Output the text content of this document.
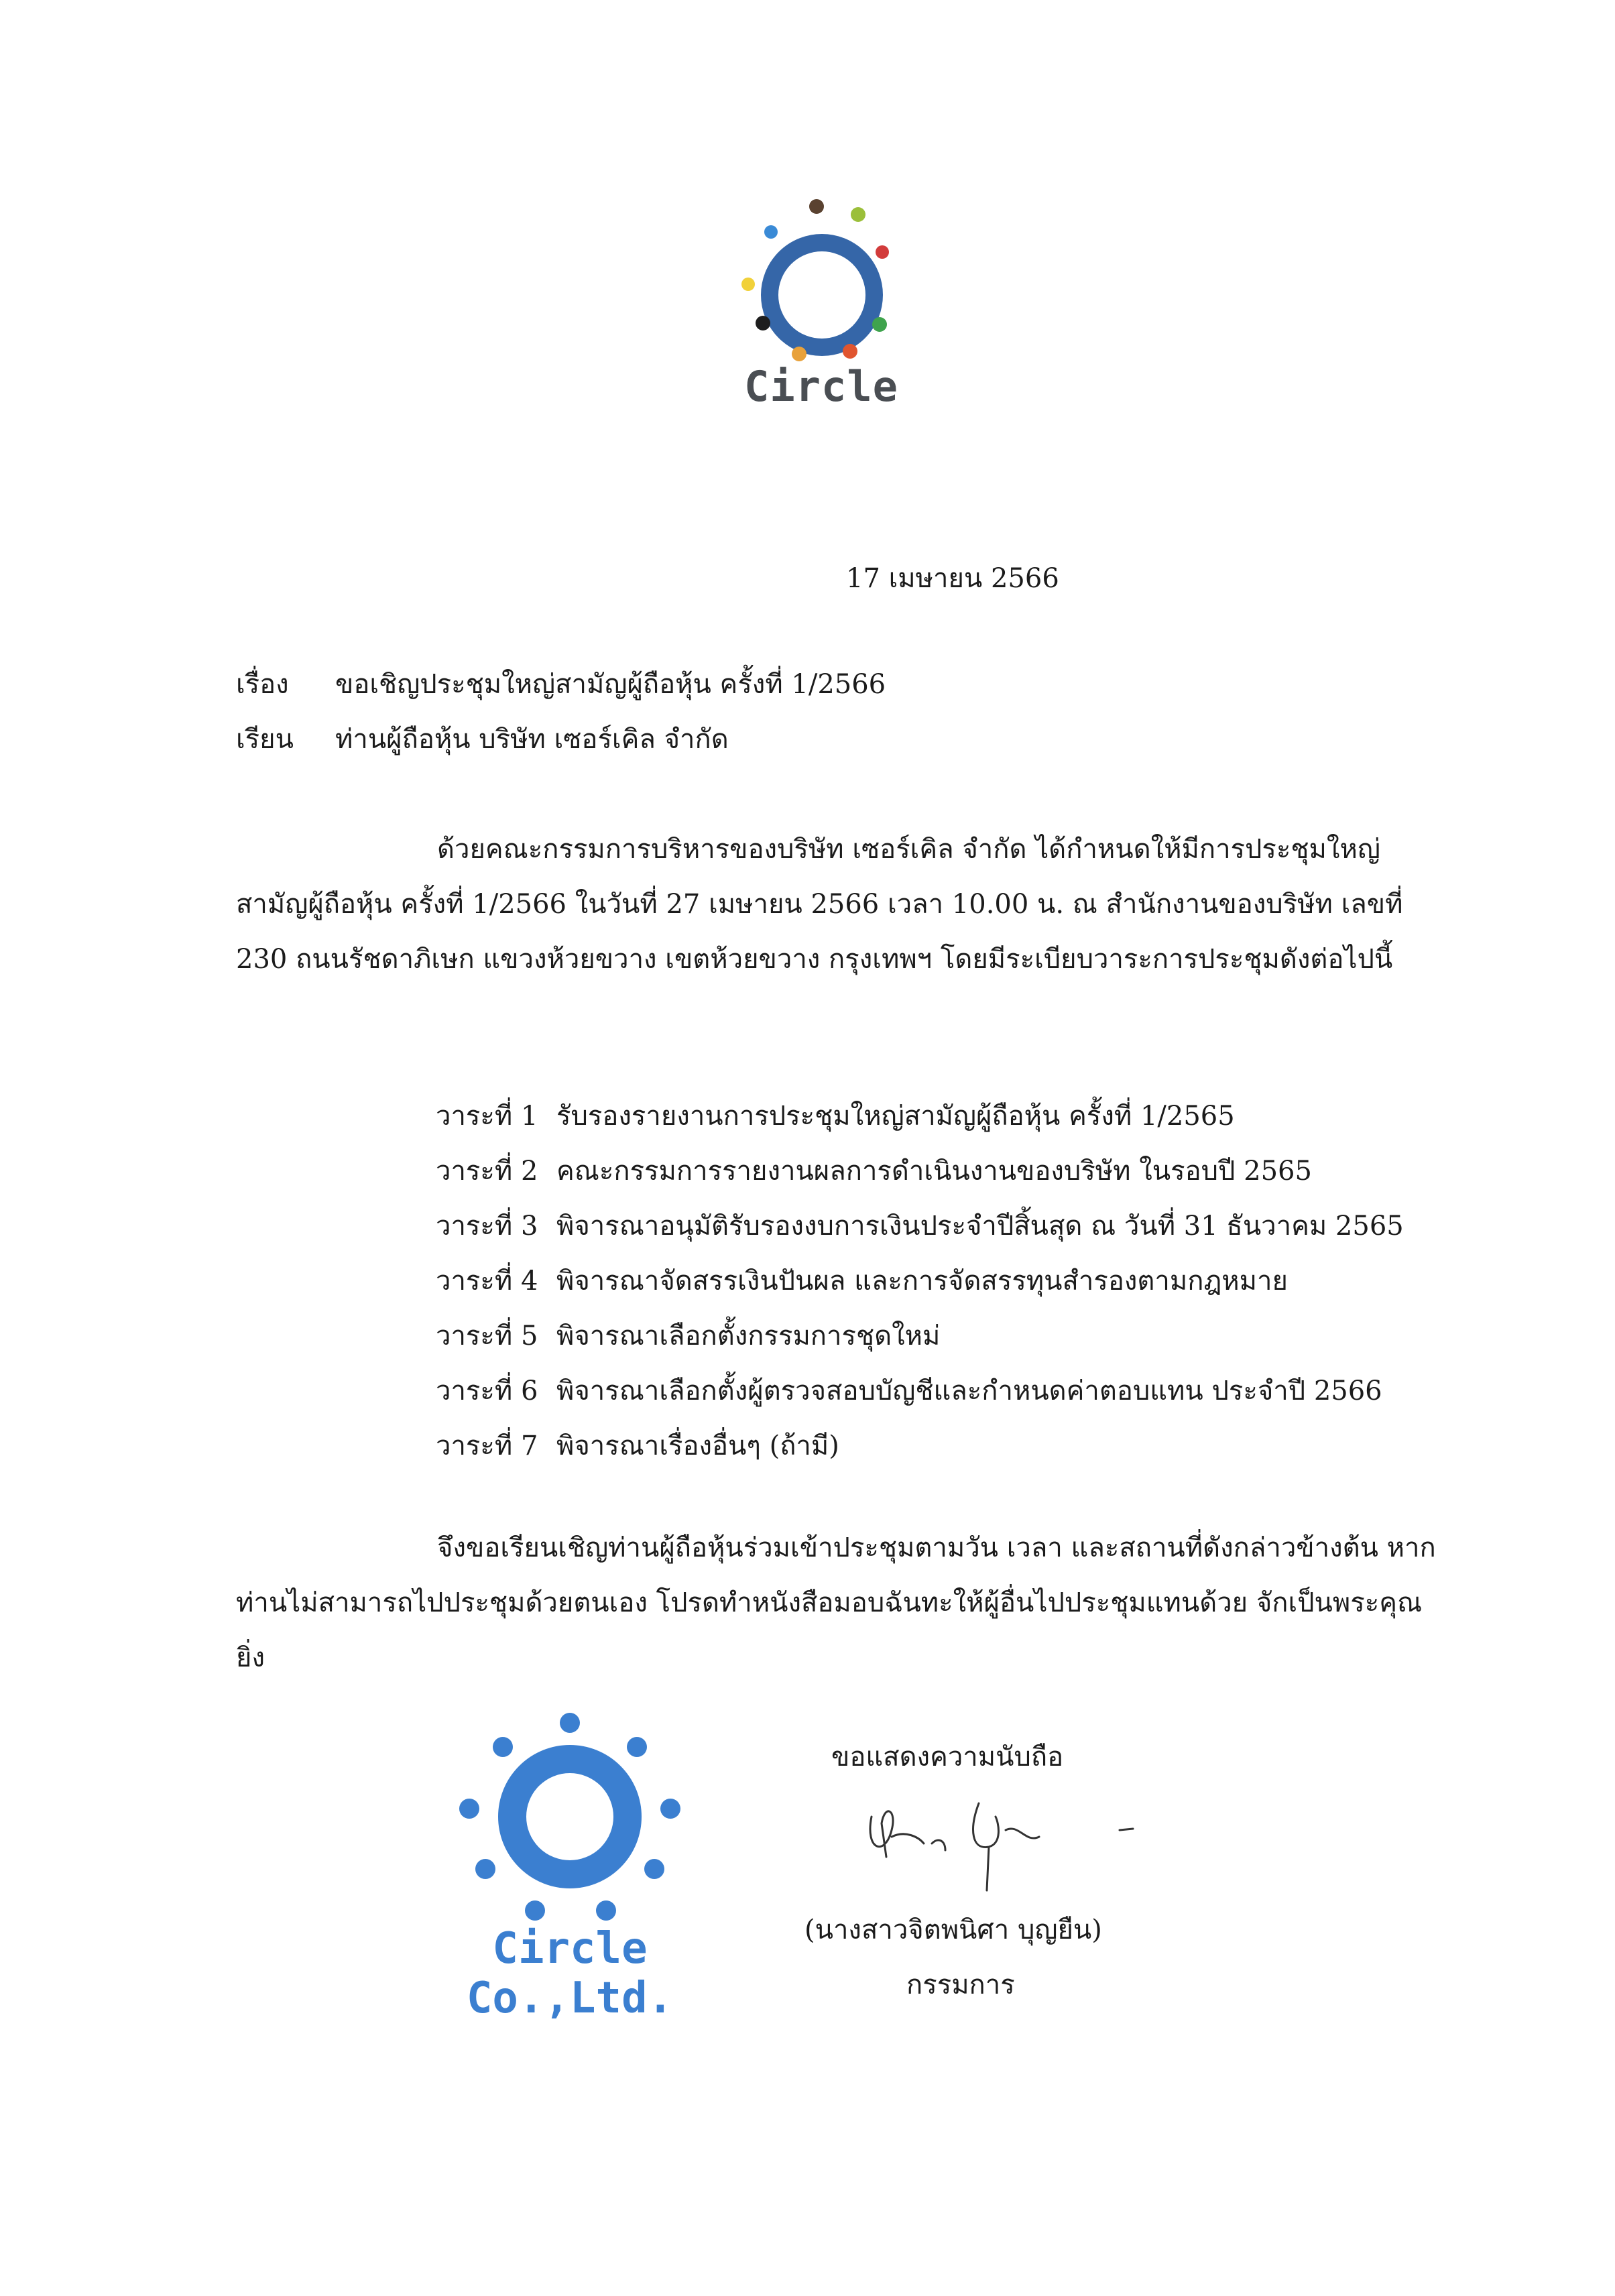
Circle
17 เมษายน 2566
เรื่อง	ขอเชิญประชุมใหญ่สามัญผู้ถือหุ้น ครั้งที่ 1/2566
เรียน	ท่านผู้ถือหุ้น บริษัท เซอร์เคิล จำกัด
ด้วยคณะกรรมการบริหารของบริษัท เซอร์เคิล จำกัด ได้กำหนดให้มีการประชุมใหญ่สามัญผู้ถือหุ้น ครั้งที่ 1/2566 ในวันที่ 27 เมษายน 2566 เวลา 10.00 น. ณ สำนักงานของบริษัท เลขที่ 230 ถนนรัชดาภิเษก แขวงห้วยขวาง เขตห้วยขวาง กรุงเทพฯ โดยมีระเบียบวาระการประชุมดังต่อไปนี้
วาระที่ 1 รับรองรายงานการประชุมใหญ่สามัญผู้ถือหุ้น ครั้งที่ 1/2565
วาระที่ 2 คณะกรรมการรายงานผลการดำเนินงานของบริษัท ในรอบปี 2565
วาระที่ 3 พิจารณาอนุมัติรับรองงบการเงินประจำปีสิ้นสุด ณ วันที่ 31 ธันวาคม 2565
วาระที่ 4 พิจารณาจัดสรรเงินปันผล และการจัดสรรทุนสำรองตามกฎหมาย
วาระที่ 5 พิจารณาเลือกตั้งกรรมการชุดใหม่
วาระที่ 6 พิจารณาเลือกตั้งผู้ตรวจสอบบัญชีและกำหนดค่าตอบแทน ประจำปี 2566
วาระที่ 7 พิจารณาเรื่องอื่นๆ (ถ้ามี)
จึงขอเรียนเชิญท่านผู้ถือหุ้นร่วมเข้าประชุมตามวัน เวลา และสถานที่ดังกล่าวข้างต้น หากท่านไม่สามารถไปประชุมด้วยตนเอง โปรดทำหนังสือมอบฉันทะให้ผู้อื่นไปประชุมแทนด้วย จักเป็นพระคุณยิ่ง
Circle Co.,Ltd.
ขอแสดงความนับถือ
(นางสาวจิตพนิศา บุญยืน)
กรรมการ
